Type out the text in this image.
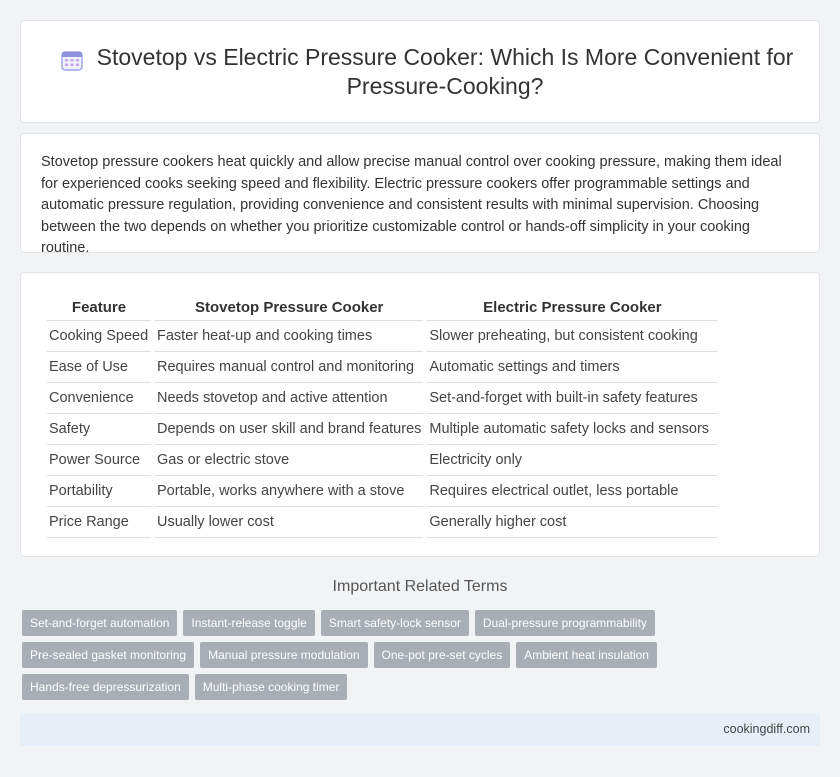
Stovetop vs Electric Pressure Cooker: Which Is More Convenient for Pressure-Cooking?

Stovetop pressure cookers heat quickly and allow precise manual control over cooking pressure, making them ideal for experienced cooks seeking speed and flexibility. Electric pressure cookers offer programmable settings and automatic pressure regulation, providing convenience and consistent results with minimal supervision. Choosing between the two depends on whether you prioritize customizable control or hands-off simplicity in your cooking routine.

Feature	Stovetop Pressure Cooker	Electric Pressure Cooker
Cooking Speed	Faster heat-up and cooking times	Slower preheating, but consistent cooking
Ease of Use	Requires manual control and monitoring	Automatic settings and timers
Convenience	Needs stovetop and active attention	Set-and-forget with built-in safety features
Safety	Depends on user skill and brand features	Multiple automatic safety locks and sensors
Power Source	Gas or electric stove	Electricity only
Portability	Portable, works anywhere with a stove	Requires electrical outlet, less portable
Price Range	Usually lower cost	Generally higher cost
Important Related Terms
Set-and-forget automation	Instant-release toggle	Smart safety-lock sensor	Dual-pressure programmability
Pre-sealed gasket monitoring	Manual pressure modulation	One-pot pre-set cycles	Ambient heat insulation
Hands-free depressurization	Multi-phase cooking timer
cookingdiff.com
